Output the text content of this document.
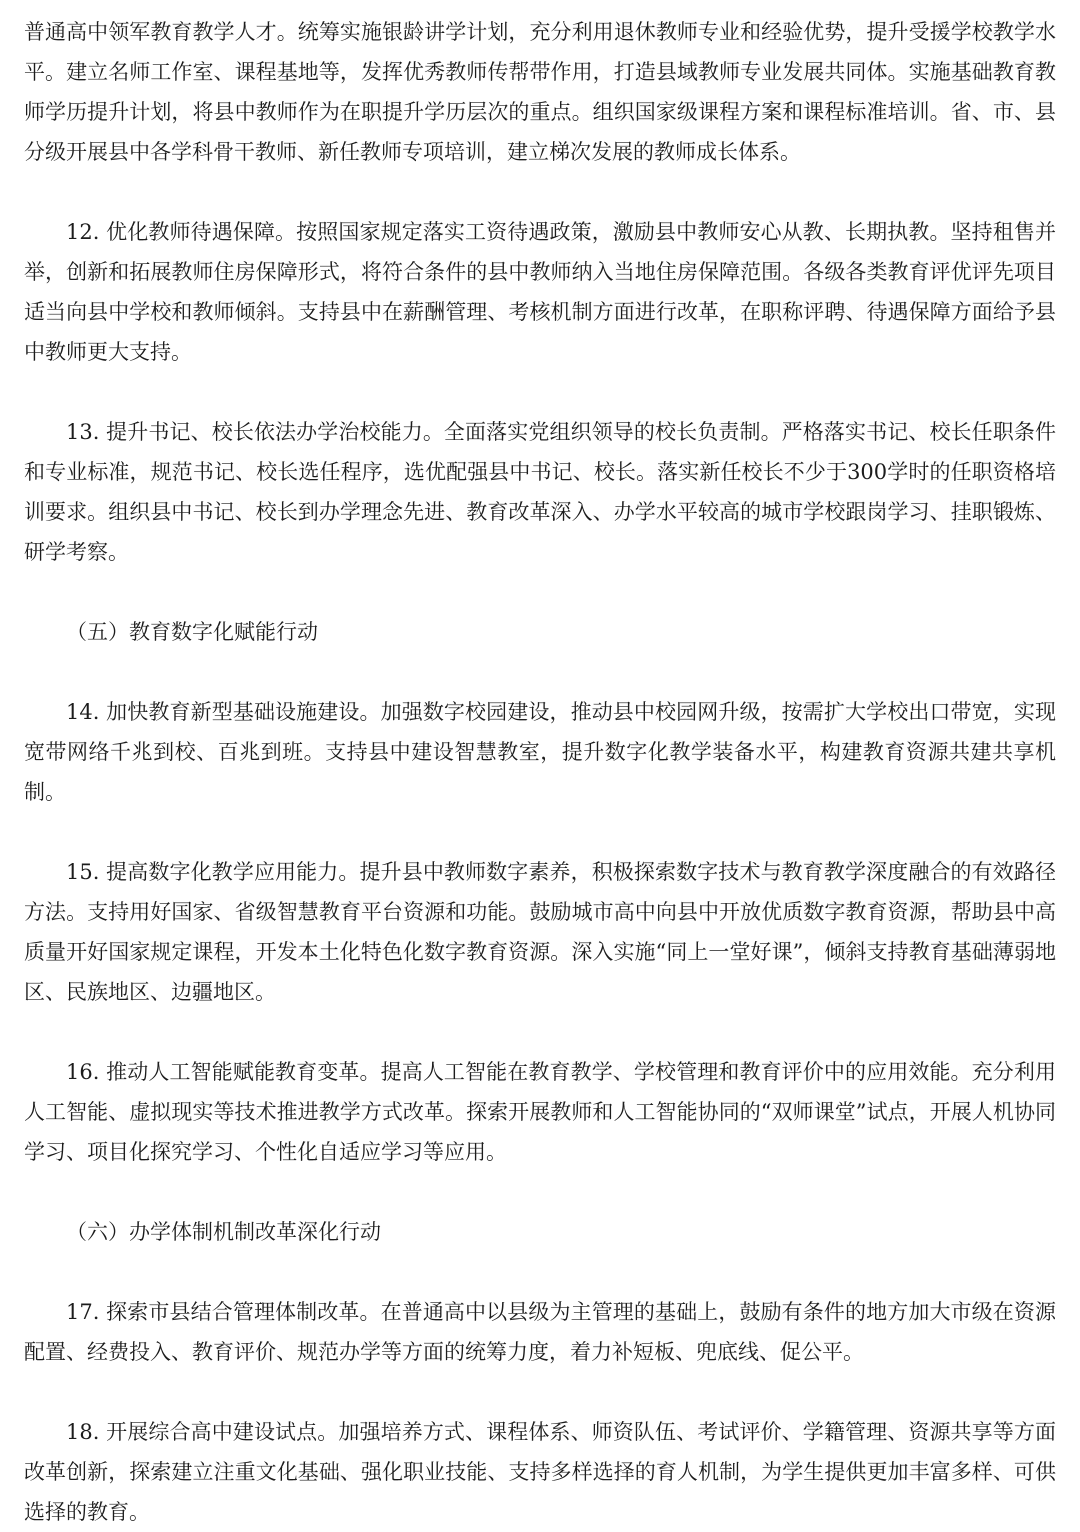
普通高中领军教育教学人才。统筹实施银龄讲学计划，充分利用退休教师专业和经验优势，提升受援学校教学水平。建立名师工作室、课程基地等，发挥优秀教师传帮带作用，打造县域教师专业发展共同体。实施基础教育教师学历提升计划，将县中教师作为在职提升学历层次的重点。组织国家级课程方案和课程标准培训。省、市、县分级开展县中各学科骨干教师、新任教师专项培训，建立梯次发展的教师成长体系。

12. 优化教师待遇保障。按照国家规定落实工资待遇政策，激励县中教师安心从教、长期执教。坚持租售并举，创新和拓展教师住房保障形式，将符合条件的县中教师纳入当地住房保障范围。各级各类教育评优评先项目适当向县中学校和教师倾斜。支持县中在薪酬管理、考核机制方面进行改革，在职称评聘、待遇保障方面给予县中教师更大支持。

13. 提升书记、校长依法办学治校能力。全面落实党组织领导的校长负责制。严格落实书记、校长任职条件和专业标准，规范书记、校长选任程序，选优配强县中书记、校长。落实新任校长不少于300学时的任职资格培训要求。组织县中书记、校长到办学理念先进、教育改革深入、办学水平较高的城市学校跟岗学习、挂职锻炼、研学考察。

（五）教育数字化赋能行动

14. 加快教育新型基础设施建设。加强数字校园建设，推动县中校园网升级，按需扩大学校出口带宽，实现宽带网络千兆到校、百兆到班。支持县中建设智慧教室，提升数字化教学装备水平，构建教育资源共建共享机制。

15. 提高数字化教学应用能力。提升县中教师数字素养，积极探索数字技术与教育教学深度融合的有效路径方法。支持用好国家、省级智慧教育平台资源和功能。鼓励城市高中向县中开放优质数字教育资源，帮助县中高质量开好国家规定课程，开发本土化特色化数字教育资源。深入实施“同上一堂好课”，倾斜支持教育基础薄弱地区、民族地区、边疆地区。

16. 推动人工智能赋能教育变革。提高人工智能在教育教学、学校管理和教育评价中的应用效能。充分利用人工智能、虚拟现实等技术推进教学方式改革。探索开展教师和人工智能协同的“双师课堂”试点，开展人机协同学习、项目化探究学习、个性化自适应学习等应用。

（六）办学体制机制改革深化行动

17. 探索市县结合管理体制改革。在普通高中以县级为主管理的基础上，鼓励有条件的地方加大市级在资源配置、经费投入、教育评价、规范办学等方面的统筹力度，着力补短板、兜底线、促公平。

18. 开展综合高中建设试点。加强培养方式、课程体系、师资队伍、考试评价、学籍管理、资源共享等方面改革创新，探索建立注重文化基础、强化职业技能、支持多样选择的育人机制，为学生提供更加丰富多样、可供选择的教育。
